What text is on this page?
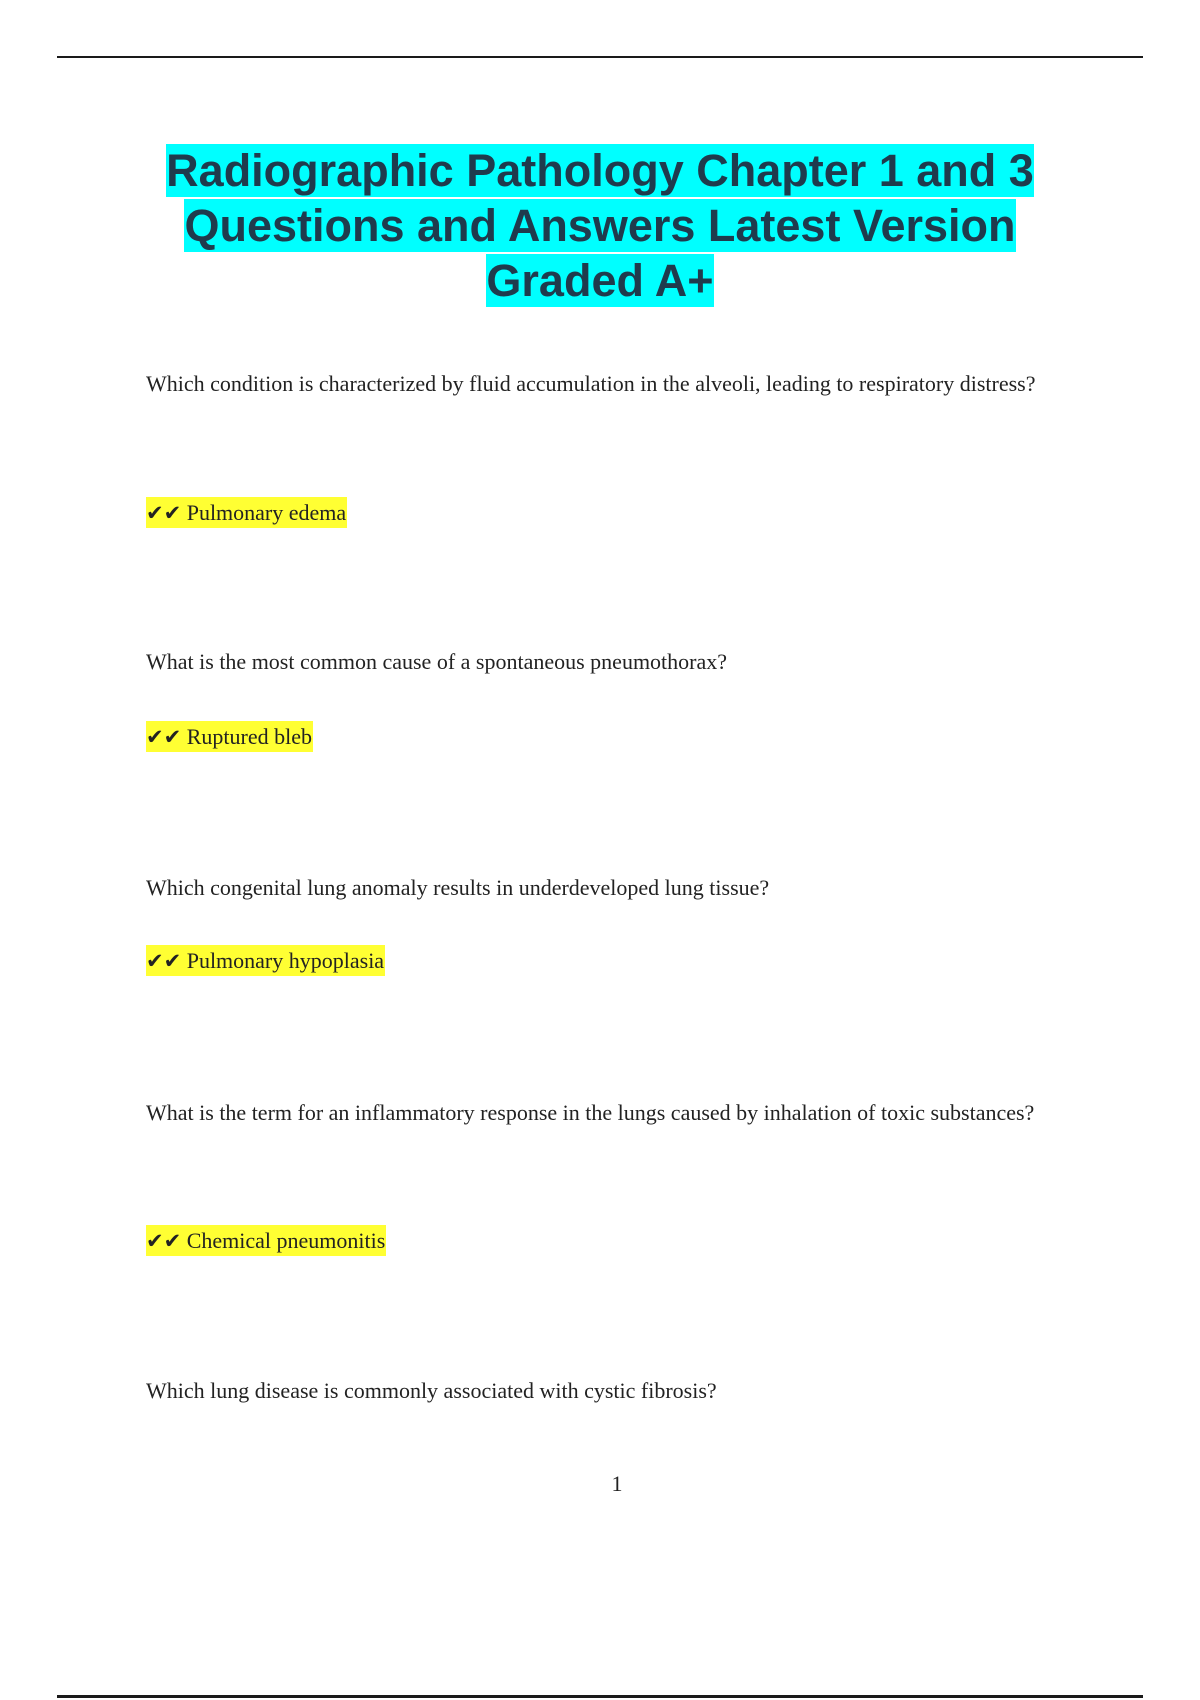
Radiographic Pathology Chapter 1 and 3
Questions and Answers Latest Version
Graded A+

Which condition is characterized by fluid accumulation in the alveoli, leading to respiratory distress?

✔✔ Pulmonary edema

What is the most common cause of a spontaneous pneumothorax?

✔✔ Ruptured bleb

Which congenital lung anomaly results in underdeveloped lung tissue?

✔✔ Pulmonary hypoplasia

What is the term for an inflammatory response in the lungs caused by inhalation of toxic substances?

✔✔ Chemical pneumonitis

Which lung disease is commonly associated with cystic fibrosis?

1
